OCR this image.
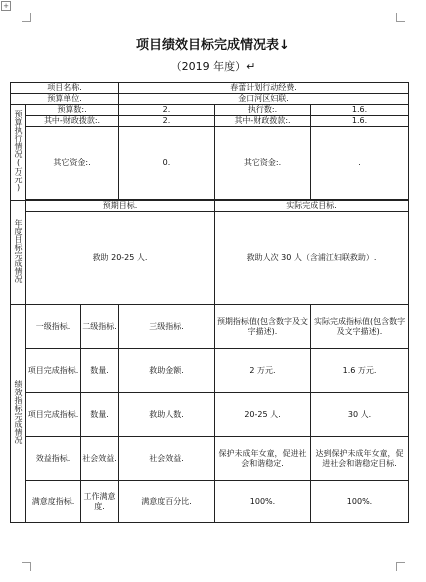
+
项目绩效目标完成情况表↓
（2019 年度）↵
项目名称.			春蕾计划行动经费.		
预算单位.			金口河区妇联.		
预算执行情况(万元)	预算数:.		2.	执行数:.	1.6.
	其中-财政拨款:.		2.	其中-财政拨款:.	1.6.
	其它资金:.		0.	其它资金:.	.

年度目标完成情况	预期目标.			实际完成目标.	
	救助 20-25 人.			救助人次 30 人（含浦江妇联救助）.	
绩效指标完成情况	一级指标.	二级指标.	三级指标.	预期指标值(包含数字及文字描述).	实际完成指标值(包含数字及文字描述).
	项目完成指标.	数量.	救助金额.	2 万元.	1.6 万元.
	项目完成指标.	数量.	救助人数.	20-25 人.	30 人.
	效益指标.	社会效益.	社会效益.	保护未成年女童，促进社会和谐稳定.	达到保护未成年女童，促进社会和谐稳定目标.
	满意度指标.	工作满意度.	满意度百分比.	100%.	100%.
